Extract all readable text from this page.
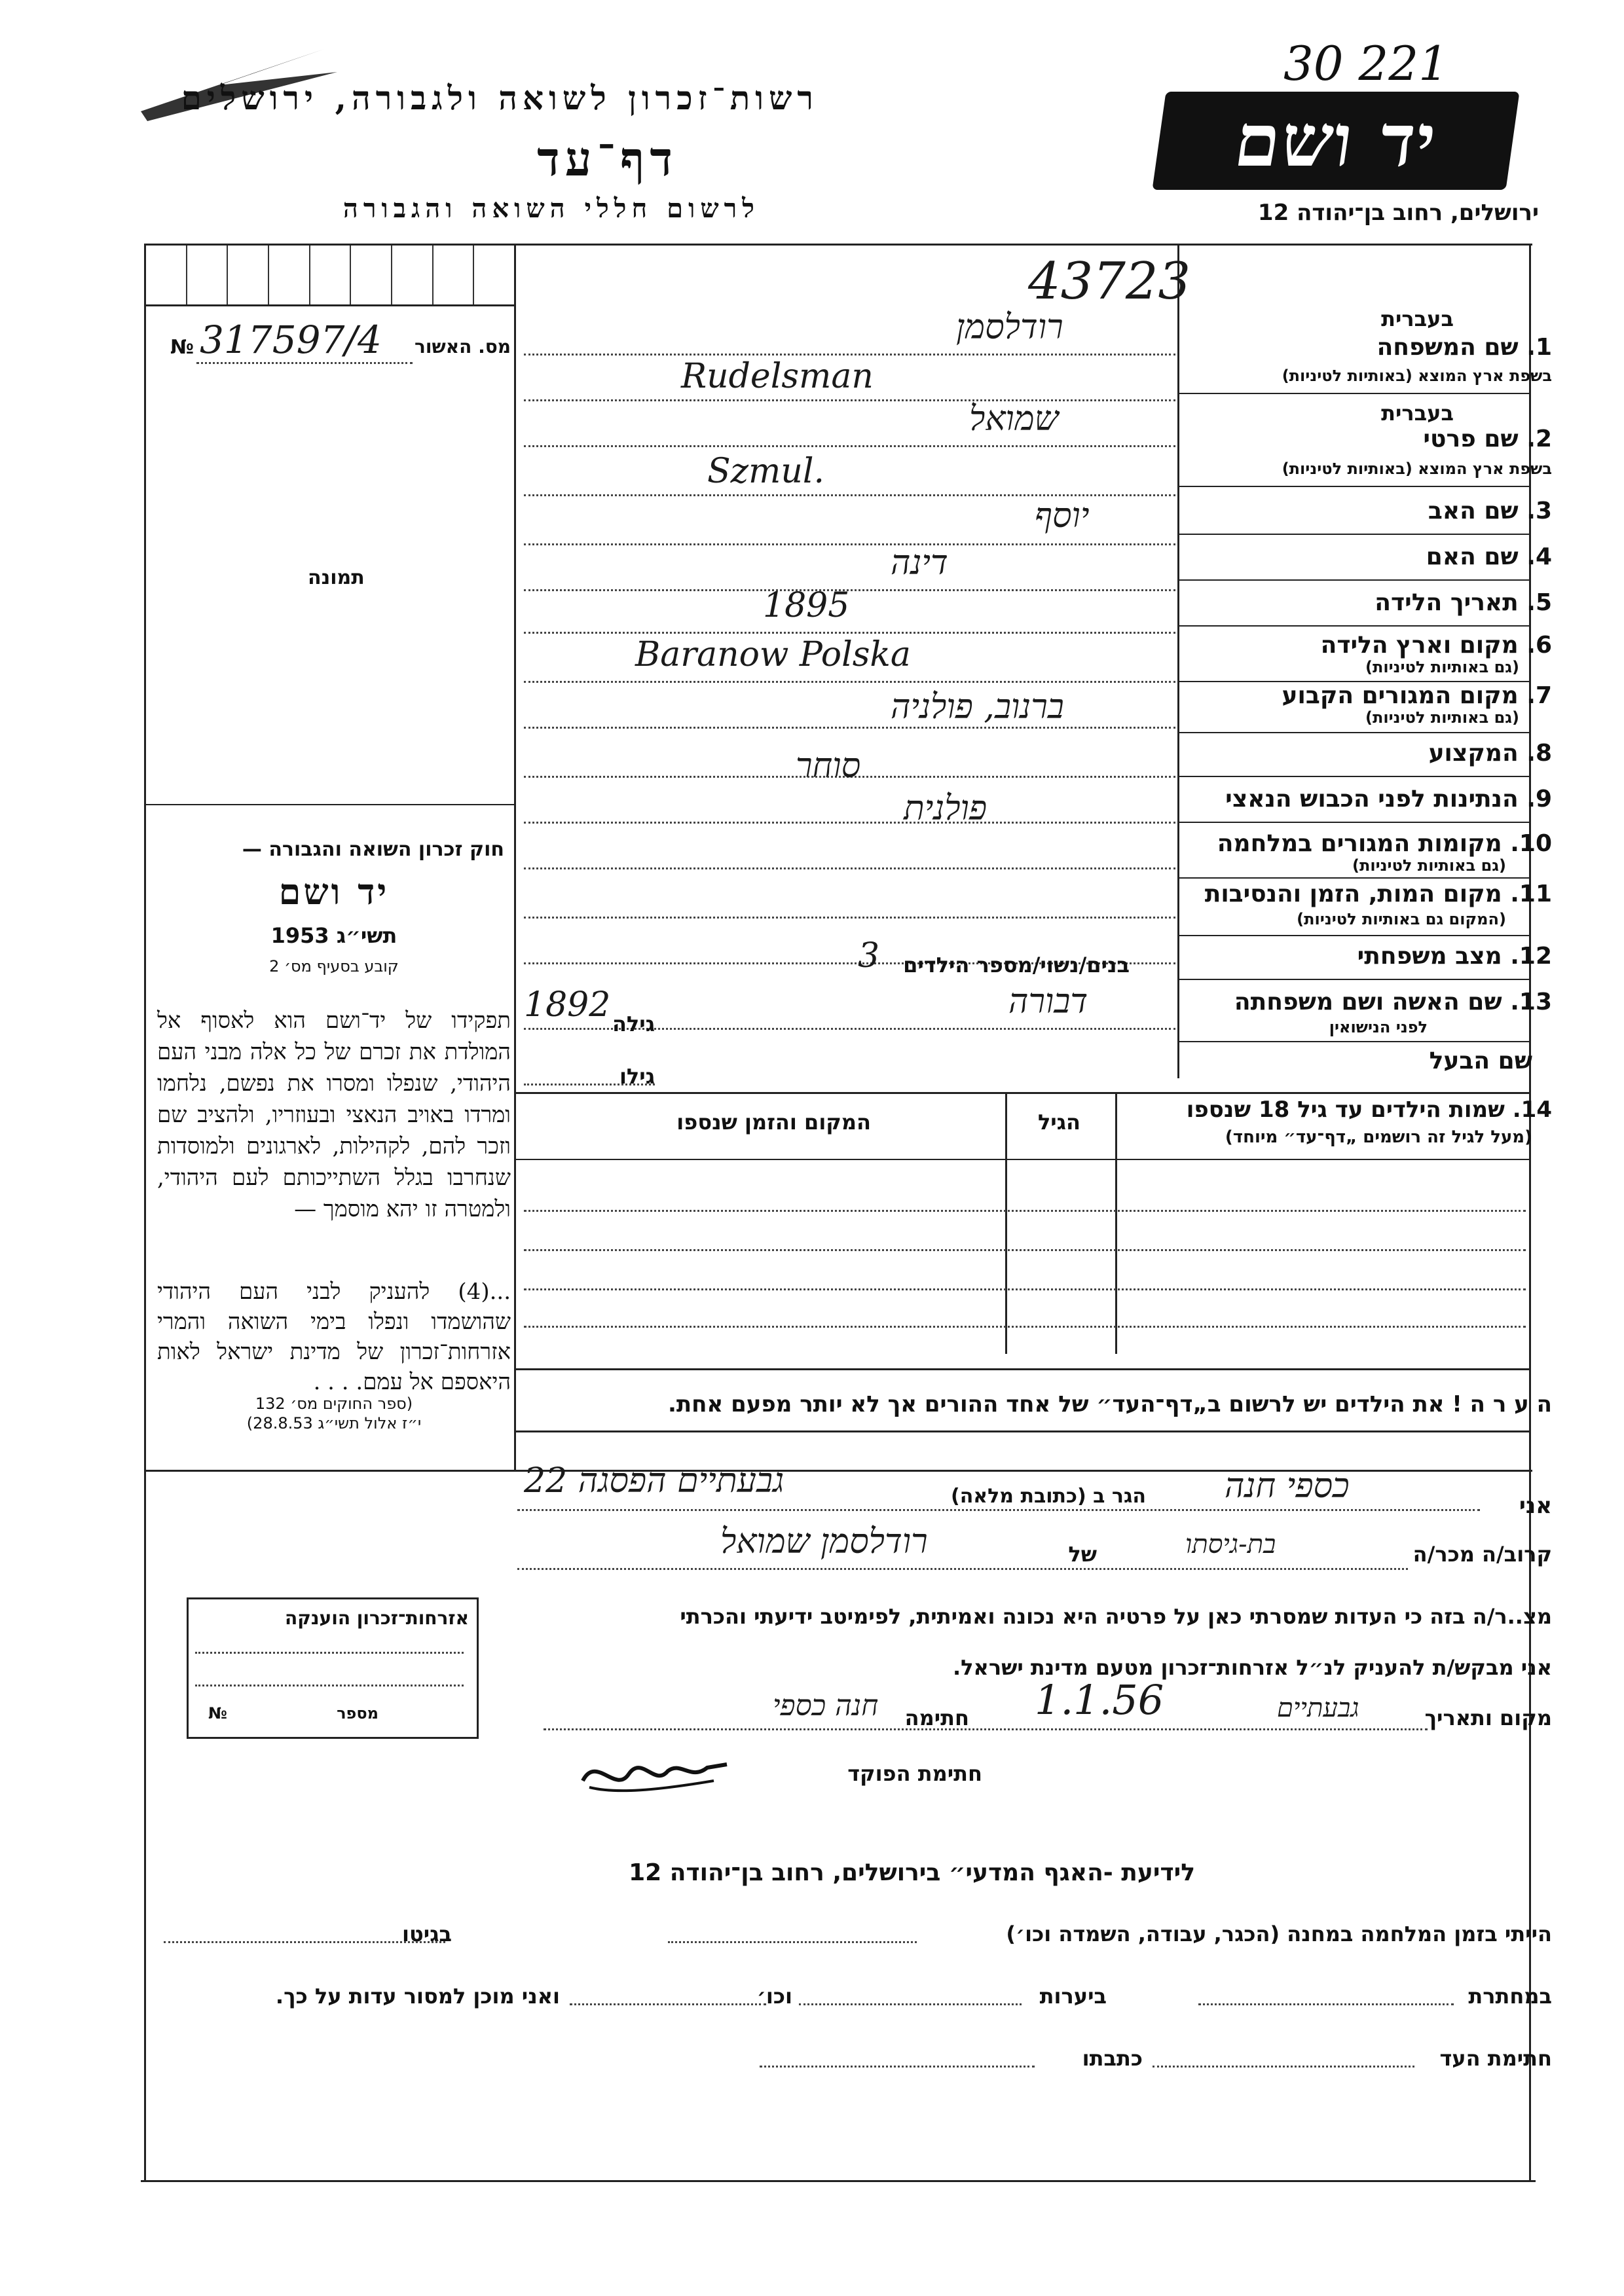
רשות־זכרון לשואה ולגבורה, ירושלים
דף־עד
לרשום חללי השואה והגבורה
30 221
יד ושם
ירושלים, רחוב בן־יהודה 12
№ 317597/4 מס. האשור
תמונה
חוק זכרון השואה והגבורה —
יד ושם
תשי״ג 1953
קובע בסעיף מס׳ 2
תפקידו של יד־ושם הוא לאסוף אל המולדת את זכרם של כל אלה מבני העם היהודי, שנפלו ומסרו את נפשם, נלחמו ומרדו באויב הנאצי ובעוזריו, ולהציב שם וזכר להם, לקהילות, לארגונים ולמוסדות שנחרבו בגלל השתייכותם לעם היהודי, ולמטרה זו יהא מוסמך —
...(4) להעניק לבני העם היהודי שהושמדו ונפלו בימי השואה והמרי אזרחות־זכרון של מדינת ישראל לאות היאספם אל עמם. . . .
(ספר החוקים מס׳ 132
י״ז אלול תשי״ג 28.8.53)
אזרחות־זכרון הוענקה
№	מספר
43723
רודלסמן
Rudelsman
שמואל
Szmul.
יוסף
דינה
1895
Baranow Polska
ברנוב, פולניה
סוחר
פולנית
בעברית
1. שם המשפחה
בשפת ארץ המוצא (באותיות לטיניות)
בעברית
2. שם פרטי
בשפת ארץ המוצא (באותיות לטיניות)
3. שם האב
4. שם האם
5. תאריך הלידה
6. מקום וארץ הלידה
(גם באותיות לטיניות)
7. מקום המגורים הקבוע
(גם באותיות לטיניות)
8. המקצוע
9. הנתינות לפני הכבוש הנאצי
10. מקומות המגורים במלחמה
(גם באותיות לטיניות)
11. מקום המות, הזמן והנסיבות
(המקום גם באותיות לטיניות)
12. מצב משפחתי
13. שם האשה ושם משפחתה
לפני הנישואין
שם הבעל
בנים/נשוי/מספר הילדים
3
דבורה
1892 גילה
גילו
14. שמות הילדים עד גיל 18 שנספו
(מעל לגיל זה רושמים „דף־עד״ מיוחד)
הגיל
המקום והזמן שנספו
ה ע ר ה ! את הילדים יש לרשום ב„דף־העד״ של אחד ההורים אך לא יותר מפעם אחת.
אני
כספי חנה
הגר ב (כתובת מלאה)
גבעתיים הפסגה 22
קרוב/ה מכר/ה
בת-גיסתו
של
רודלסמן שמואל
מצ..ר/ה בזה כי העדות שמסרתי כאן על פרטיה היא נכונה ואמיתית, לפימיטב ידיעתי והכרתי
אני מבקש/ת להעניק לנ״ל אזרחות־זכרון מטעם מדינת ישראל.
מקום ותאריך
גבעתיים
1.1.56
חתימה
חנה כספי
חתימת הפוקד
לידיעת -האגף המדעי״ בירושלים, רחוב בן־יהודה 12
הייתי בזמן המלחמה במחנה (הכגר, עבודה, השמדה וכו׳)
בגיטו
במחתרת
ביערות
וכו׳
ואני מוכן למסור עדות על כך.
חתימת העד
כתבתו
